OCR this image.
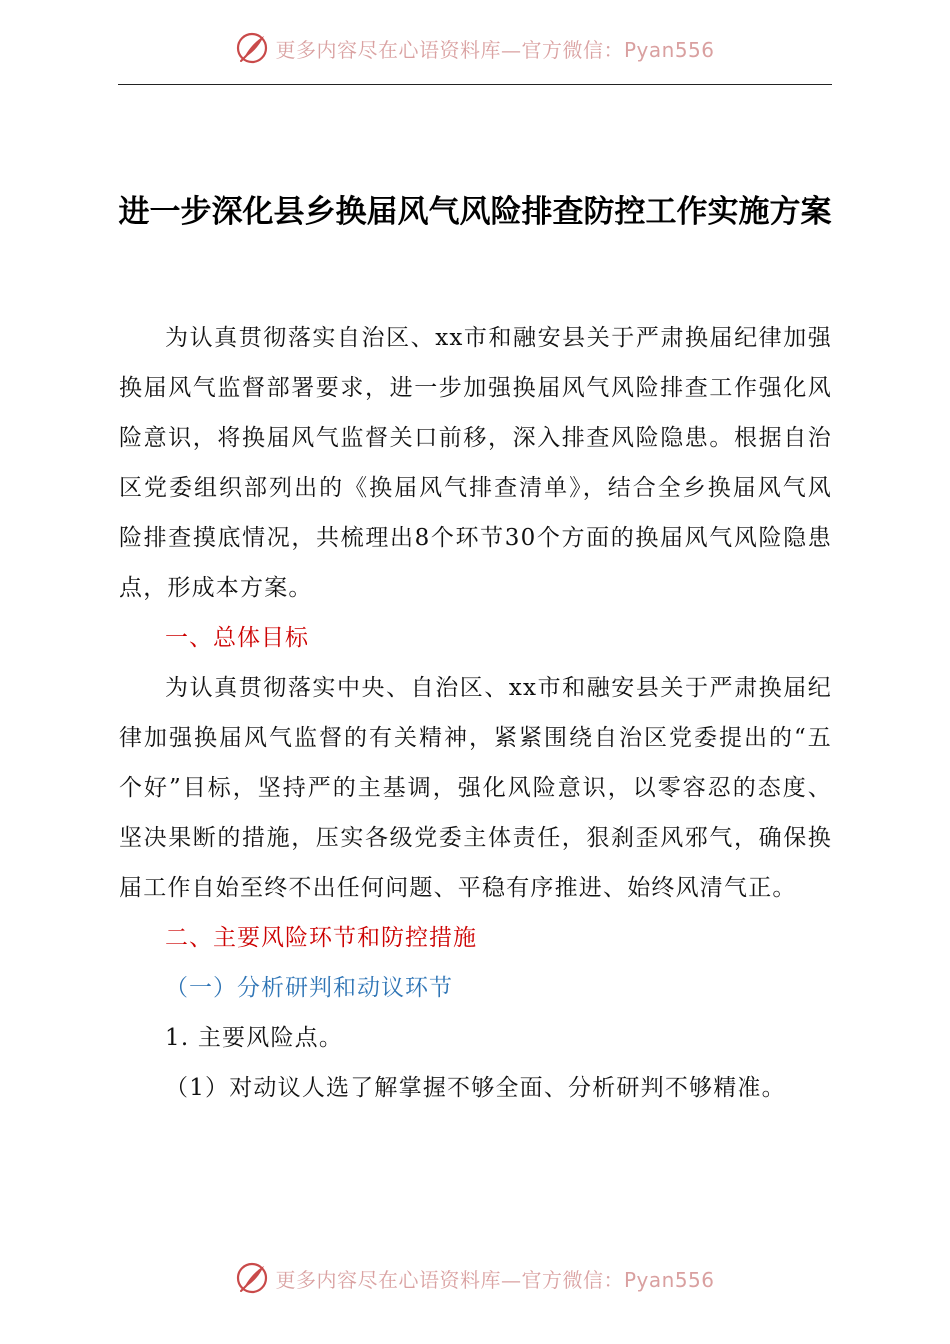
更多内容尽在心语资料库—官方微信：Pyan556
进一步深化县乡换届风气风险排查防控工作实施方案

为认真贯彻落实自治区、xx市和融安县关于严肃换届纪律加强换届风气监督部署要求，进一步加强换届风气风险排查工作强化风险意识，将换届风气监督关口前移，深入排查风险隐患。根据自治区党委组织部列出的《换届风气排查清单》，结合全乡换届风气风险排查摸底情况，共梳理出8个环节30个方面的换届风气风险隐患点，形成本方案。

一、总体目标

为认真贯彻落实中央、自治区、xx市和融安县关于严肃换届纪律加强换届风气监督的有关精神，紧紧围绕自治区党委提出的“五个好”目标，坚持严的主基调，强化风险意识，以零容忍的态度、坚决果断的措施，压实各级党委主体责任，狠刹歪风邪气，确保换届工作自始至终不出任何问题、平稳有序推进、始终风清气正。

二、主要风险环节和防控措施

（一）分析研判和动议环节

1. 主要风险点。

（1）对动议人选了解掌握不够全面、分析研判不够精准。

更多内容尽在心语资料库—官方微信：Pyan556
